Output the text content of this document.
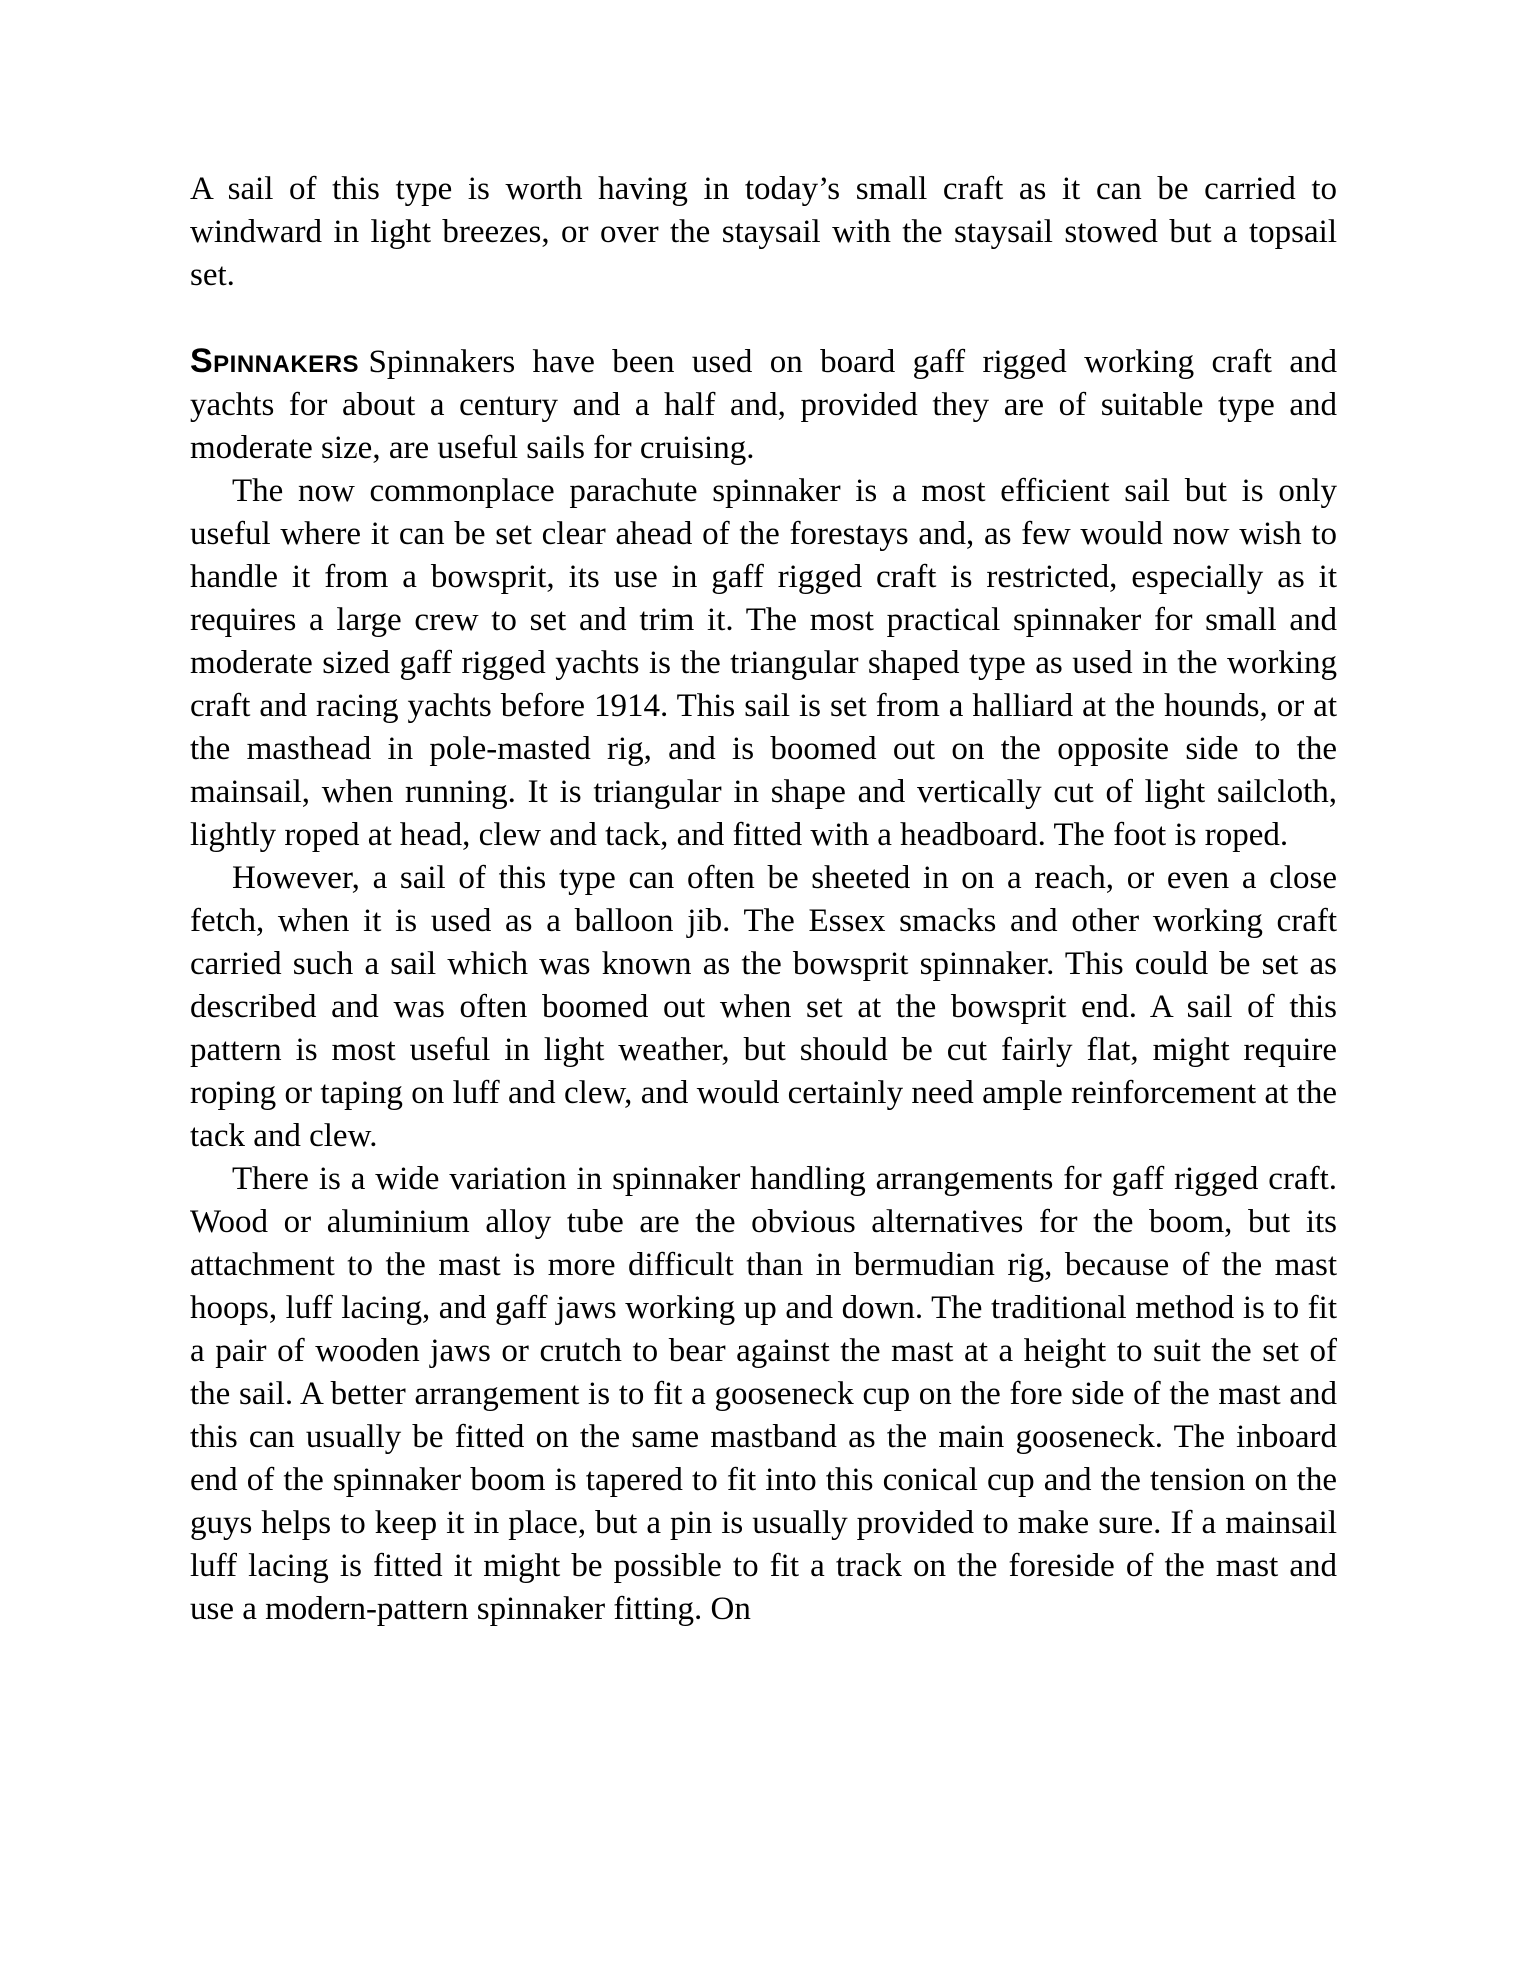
A sail of this type is worth having in today’s small craft as it can be carried to windward in light breezes, or over the staysail with the staysail stowed but a topsail set.

Spinnakers Spinnakers have been used on board gaff rigged working craft and yachts for about a century and a half and, provided they are of suitable type and moderate size, are useful sails for cruising.

The now commonplace parachute spinnaker is a most efficient sail but is only useful where it can be set clear ahead of the forestays and, as few would now wish to handle it from a bowsprit, its use in gaff rigged craft is restricted, especially as it requires a large crew to set and trim it. The most practical spinnaker for small and moderate sized gaff rigged yachts is the triangular shaped type as used in the working craft and racing yachts before 1914. This sail is set from a halliard at the hounds, or at the masthead in pole-masted rig, and is boomed out on the opposite side to the mainsail, when running. It is triangular in shape and vertically cut of light sailcloth, lightly roped at head, clew and tack, and fitted with a headboard. The foot is roped.

However, a sail of this type can often be sheeted in on a reach, or even a close fetch, when it is used as a balloon jib. The Essex smacks and other working craft carried such a sail which was known as the bowsprit spinnaker. This could be set as described and was often boomed out when set at the bowsprit end. A sail of this pattern is most useful in light weather, but should be cut fairly flat, might require roping or taping on luff and clew, and would certainly need ample reinforcement at the tack and clew.

There is a wide variation in spinnaker handling arrangements for gaff rigged craft. Wood or aluminium alloy tube are the obvious alternatives for the boom, but its attachment to the mast is more difficult than in bermudian rig, because of the mast hoops, luff lacing, and gaff jaws working up and down. The traditional method is to fit a pair of wooden jaws or crutch to bear against the mast at a height to suit the set of the sail. A better arrangement is to fit a gooseneck cup on the fore side of the mast and this can usually be fitted on the same mastband as the main gooseneck. The inboard end of the spinnaker boom is tapered to fit into this conical cup and the tension on the guys helps to keep it in place, but a pin is usually provided to make sure. If a mainsail luff lacing is fitted it might be possible to fit a track on the foreside of the mast and use a modern-pattern spinnaker fitting. On
